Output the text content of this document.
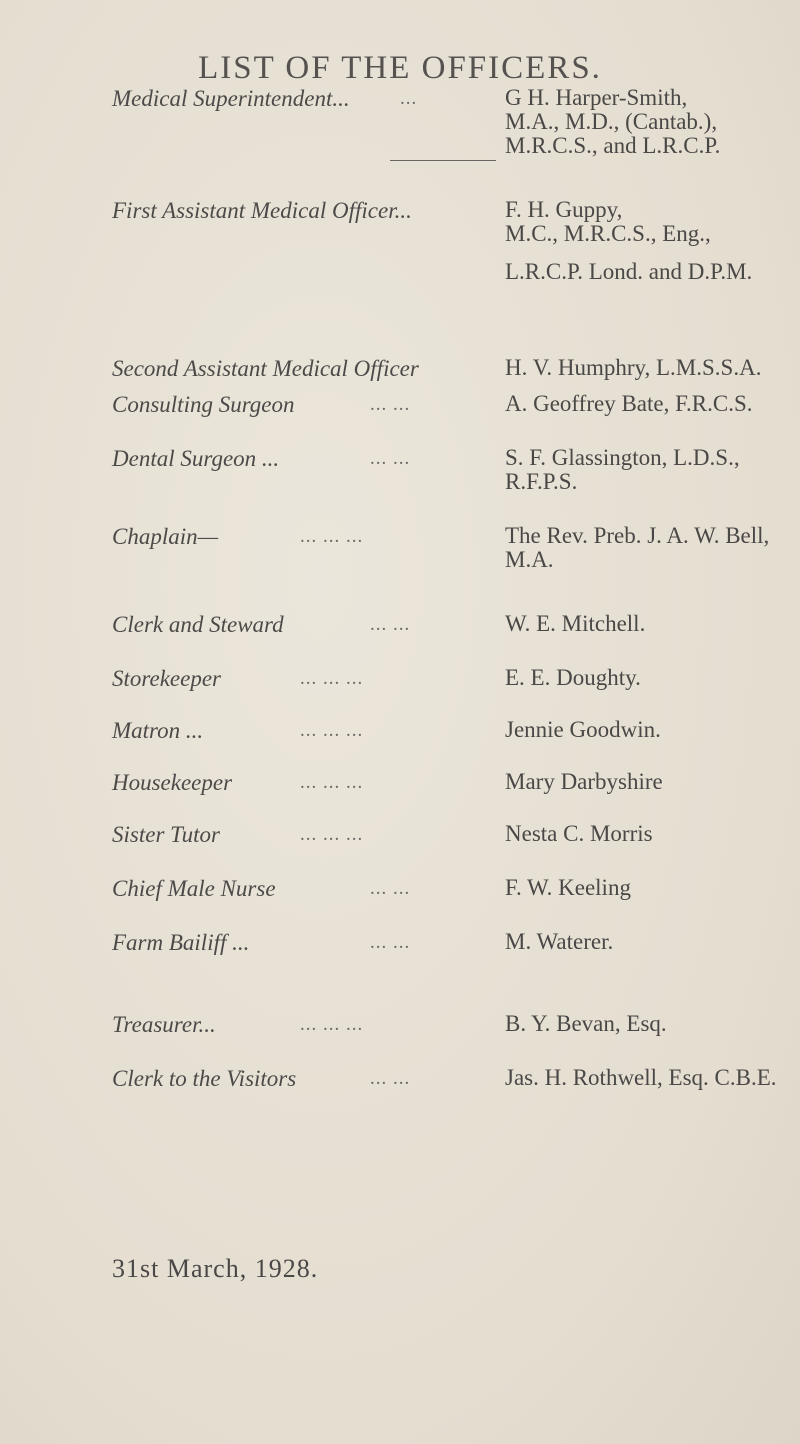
LIST OF THE OFFICERS.
Medical Superintendent...	...	G H. Harper-Smith,
M.A., M.D., (Cantab.),
M.R.C.S., and L.R.C.P.
First Assistant Medical Officer...	F. H. Guppy,
M.C., M.R.C.S., Eng.,

L.R.C.P. Lond. and D.P.M.
Second Assistant Medical Officer	H. V. Humphry, L.M.S.S.A.
Consulting Surgeon	... ...	A. Geoffrey Bate, F.R.C.S.
Dental Surgeon ...	... ...	S. F. Glassington, L.D.S.,
R.F.P.S.
Chaplain—	... ... ...	The Rev. Preb. J. A. W. Bell,
M.A.
Clerk and Steward	... ...	W. E. Mitchell.
Storekeeper	... ... ...	E. E. Doughty.
Matron ...	... ... ...	Jennie Goodwin.
Housekeeper	... ... ...	Mary Darbyshire
Sister Tutor	... ... ...	Nesta C. Morris
Chief Male Nurse	... ...	F. W. Keeling
Farm Bailiff ...	... ...	M. Waterer.
Treasurer...	... ... ...	B. Y. Bevan, Esq.
Clerk to the Visitors	... ...	Jas. H. Rothwell, Esq. C.B.E.
31st March, 1928.
